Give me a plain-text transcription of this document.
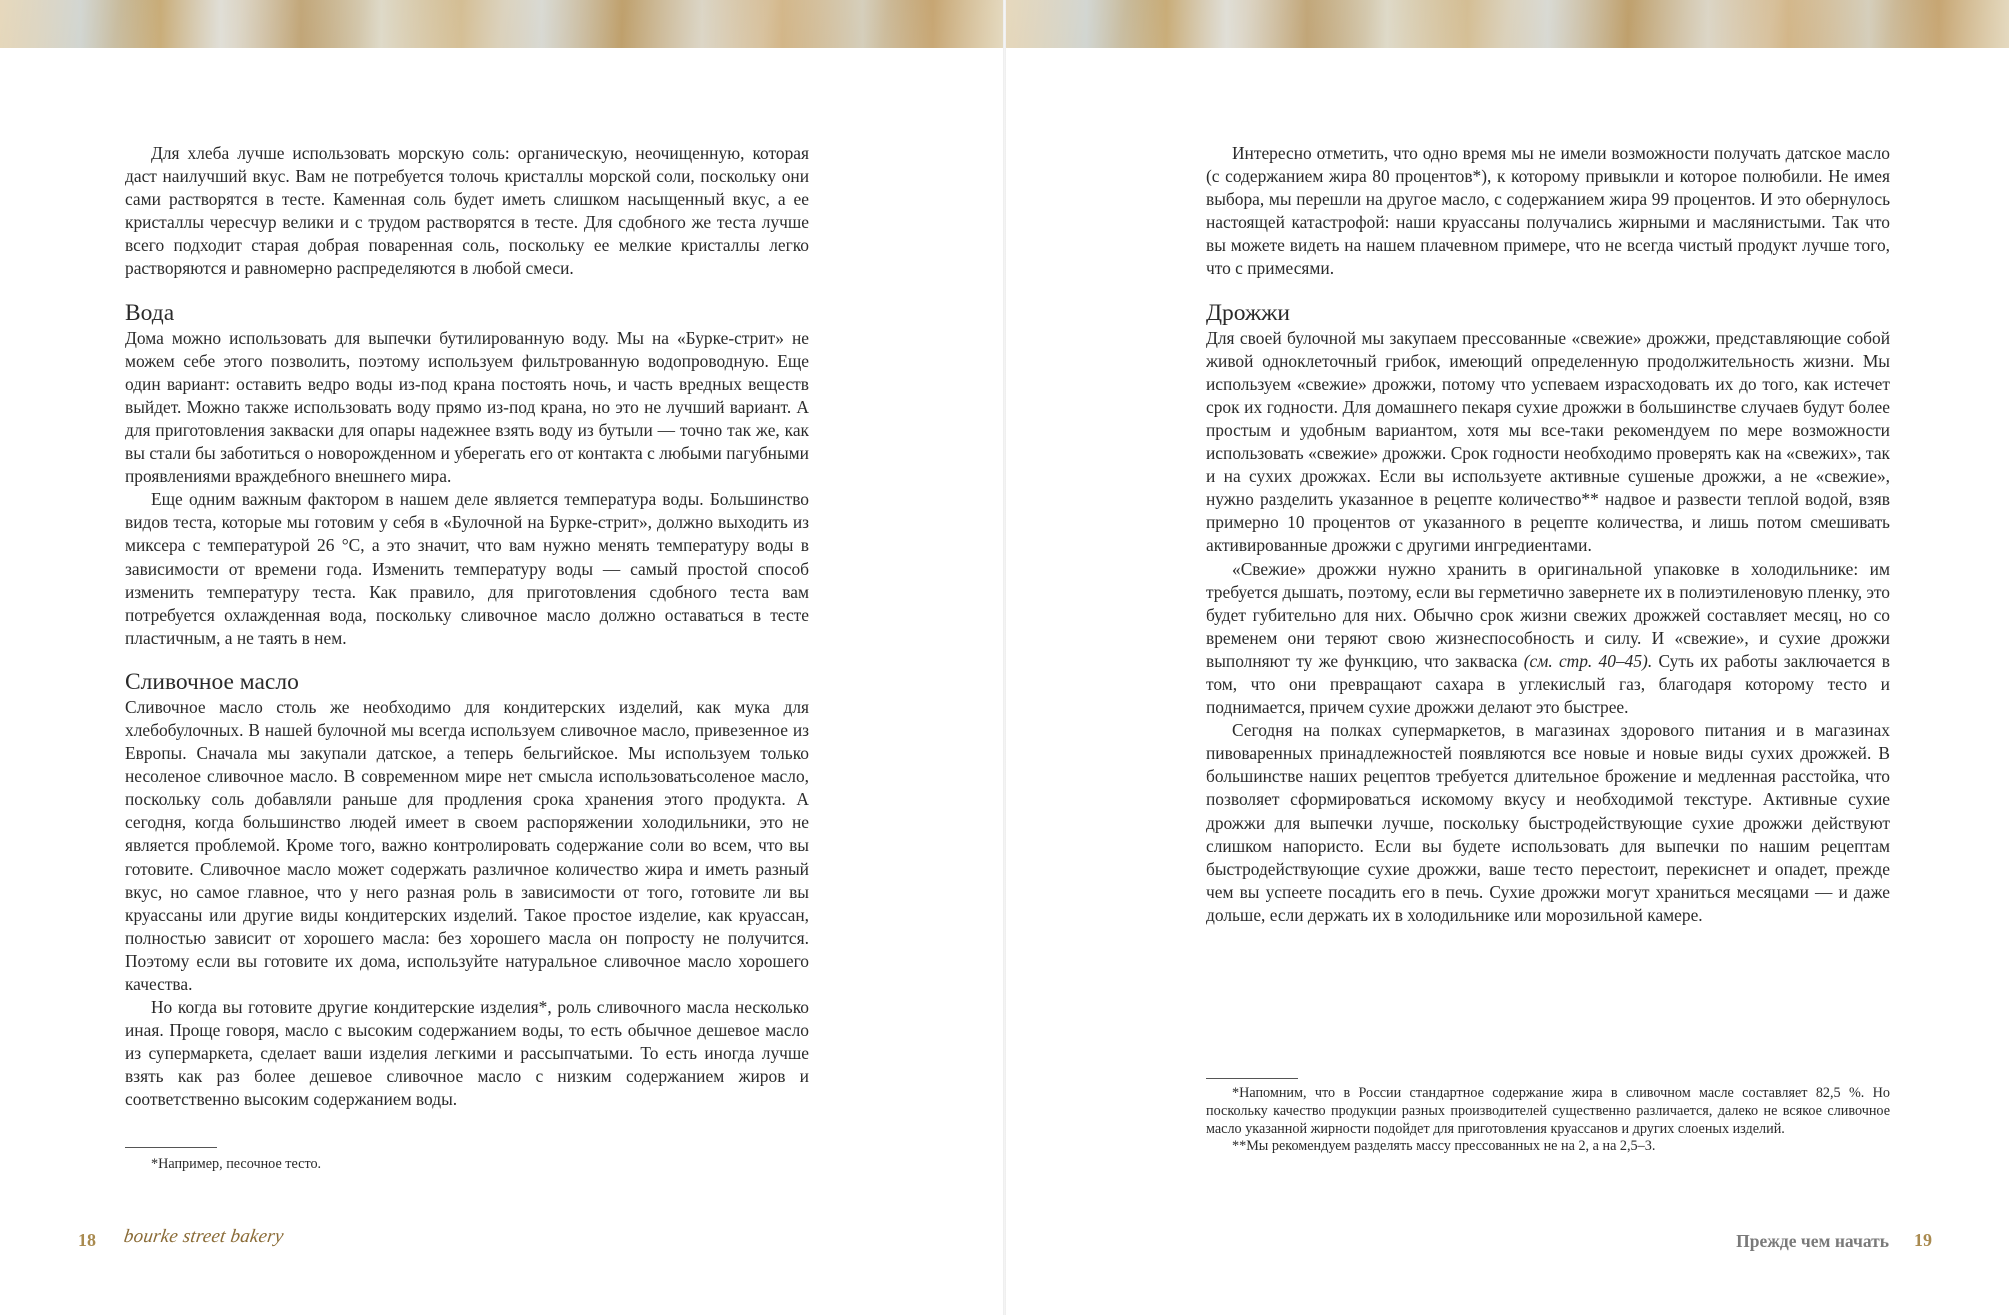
Для хлеба лучше использовать морскую соль: органическую, неочищенную, которая даст наилучший вкус. Вам не потребуется толочь кристаллы морской соли, поскольку они сами растворятся в тесте. Каменная соль будет иметь слишком насыщенный вкус, а ее кристаллы чересчур велики и с трудом растворятся в тесте. Для сдобного же теста лучше всего подходит старая добрая поваренная соль, поскольку ее мелкие кристаллы легко растворяются и равномерно распределяются в любой смеси.

Вода

Дома можно использовать для выпечки бутилированную воду. Мы на «Бурке-стрит» не можем себе этого позволить, поэтому используем фильтрованную водопроводную. Еще один вариант: оставить ведро воды из-под крана постоять ночь, и часть вредных веществ выйдет. Можно также использовать воду прямо из-под крана, но это не лучший вариант. А для приготовления закваски для опары надежнее взять воду из бутыли — точно так же, как вы стали бы заботиться о новорожденном и уберегать его от контакта с любыми пагубными проявлениями враждебного внешнего мира.

Еще одним важным фактором в нашем деле является температура воды. Большинство видов теста, которые мы готовим у себя в «Булочной на Бурке-стрит», должно выходить из миксера с температурой 26 °С, а это значит, что вам нужно менять температуру воды в зависимости от времени года. Изменить температуру воды — самый простой способ изменить температуру теста. Как правило, для приготовления сдобного теста вам потребуется охлажденная вода, поскольку сливочное масло должно оставаться в тесте пластичным, а не таять в нем.

Сливочное масло

Сливочное масло столь же необходимо для кондитерских изделий, как мука для хлебобулочных. В нашей булочной мы всегда используем сливочное масло, привезенное из Европы. Сначала мы закупали датское, а теперь бельгийское. Мы используем только несоленое сливочное масло. В современном мире нет смысла использоватьсоленое масло, поскольку соль добавляли раньше для продления срока хранения этого продукта. А сегодня, когда большинство людей имеет в своем распоряжении холодильники, это не является проблемой. Кроме того, важно контролировать содержание соли во всем, что вы готовите. Сливочное масло может содержать различное количество жира и иметь разный вкус, но самое главное, что у него разная роль в зависимости от того, готовите ли вы круассаны или другие виды кондитерских изделий. Такое простое изделие, как круассан, полностью зависит от хорошего масла: без хорошего масла он попросту не получится. Поэтому если вы готовите их дома, используйте натуральное сливочное масло хорошего качества.

Но когда вы готовите другие кондитерские изделия*, роль сливочного масла несколько иная. Проще говоря, масло с высоким содержанием воды, то есть обычное дешевое масло из супермаркета, сделает ваши изделия легкими и рассыпчатыми. То есть иногда лучше взять как раз более дешевое сливочное масло с низким содержанием жиров и соответственно высоким содержанием воды.

*Например, песочное тесто.

18 bourke street bakery

Интересно отметить, что одно время мы не имели возможности получать датское масло (с содержанием жира 80 процентов*), к которому привыкли и которое полюбили. Не имея выбора, мы перешли на другое масло, с содержанием жира 99 процентов. И это обернулось настоящей катастрофой: наши круассаны получались жирными и маслянистыми. Так что вы можете видеть на нашем плачевном примере, что не всегда чистый продукт лучше того, что с примесями.

Дрожжи

Для своей булочной мы закупаем прессованные «свежие» дрожжи, представляющие собой живой одноклеточный грибок, имеющий определенную продолжительность жизни. Мы используем «свежие» дрожжи, потому что успеваем израсходовать их до того, как истечет срок их годности. Для домашнего пекаря сухие дрожжи в большинстве случаев будут более простым и удобным вариантом, хотя мы все-таки рекомендуем по мере возможности использовать «свежие» дрожжи. Срок годности необходимо проверять как на «свежих», так и на сухих дрожжах. Если вы используете активные сушеные дрожжи, а не «свежие», нужно разделить указанное в рецепте количество** надвое и развести теплой водой, взяв примерно 10 процентов от указанного в рецепте количества, и лишь потом смешивать активированные дрожжи с другими ингредиентами.

«Свежие» дрожжи нужно хранить в оригинальной упаковке в холодильнике: им требуется дышать, поэтому, если вы герметично завернете их в полиэтиленовую пленку, это будет губительно для них. Обычно срок жизни свежих дрожжей составляет месяц, но со временем они теряют свою жизнеспособность и силу. И «свежие», и сухие дрожжи выполняют ту же функцию, что закваска (см. стр. 40–45). Суть их работы заключается в том, что они превращают сахара в углекислый газ, благодаря которому тесто и поднимается, причем сухие дрожжи делают это быстрее.

Сегодня на полках супермаркетов, в магазинах здорового питания и в магазинах пивоваренных принадлежностей появляются все новые и новые виды сухих дрожжей. В большинстве наших рецептов требуется длительное брожение и медленная расстойка, что позволяет сформироваться искомому вкусу и необходимой текстуре. Активные сухие дрожжи для выпечки лучше, поскольку быстродействующие сухие дрожжи действуют слишком напористо. Если вы будете использовать для выпечки по нашим рецептам быстродействующие сухие дрожжи, ваше тесто перестоит, перекиснет и опадет, прежде чем вы успеете посадить его в печь. Сухие дрожжи могут храниться месяцами — и даже дольше, если держать их в холодильнике или морозильной камере.

*Напомним, что в России стандартное содержание жира в сливочном масле составляет 82,5 %. Но поскольку качество продукции разных производителей существенно различается, далеко не всякое сливочное масло указанной жирности подойдет для приготовления круассанов и других слоеных изделий.

**Мы рекомендуем разделять массу прессованных не на 2, а на 2,5–3.

Прежде чем начать 19
